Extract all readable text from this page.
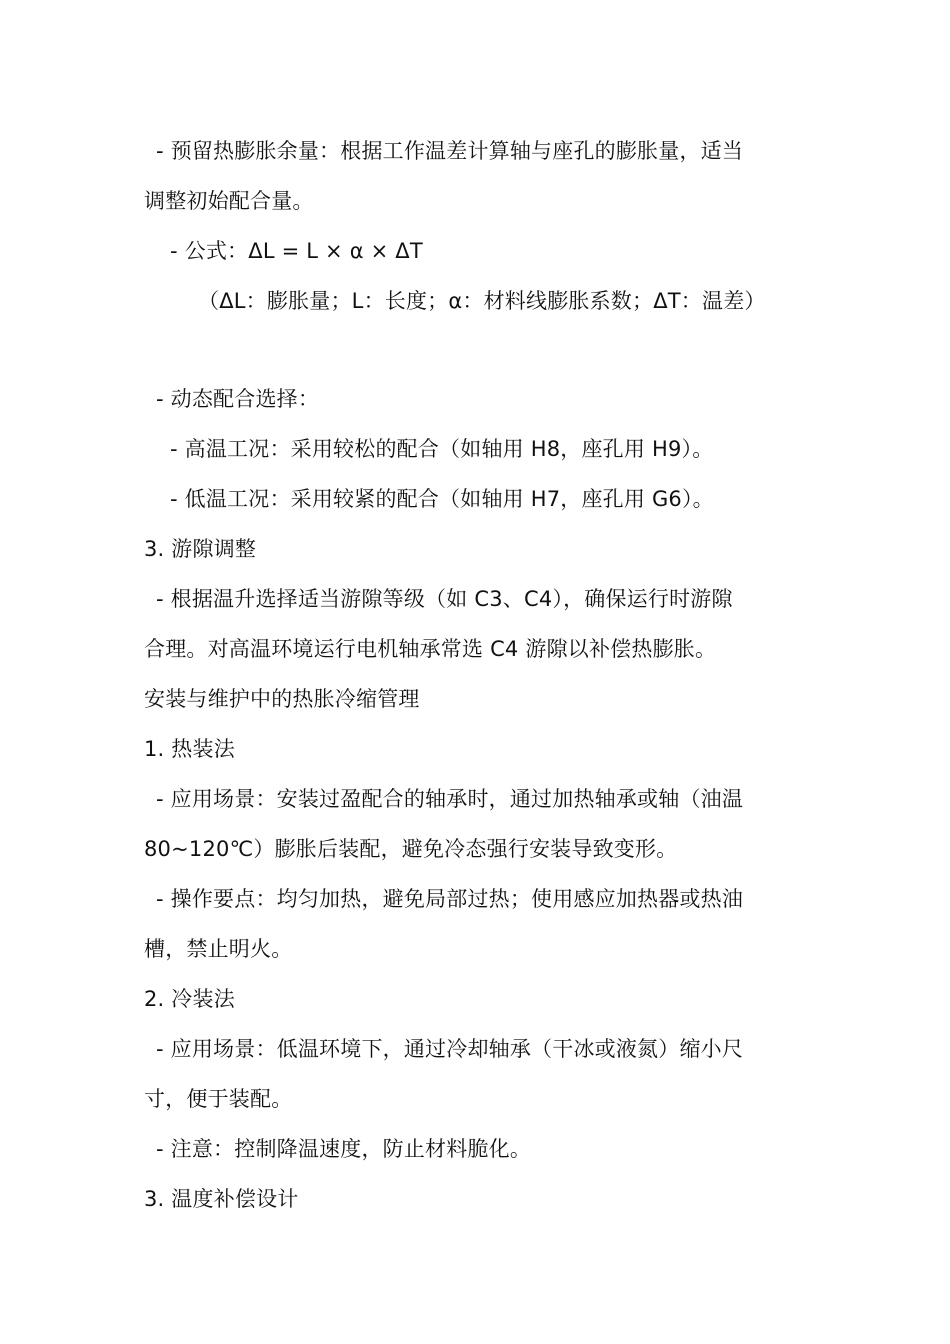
- 预留热膨胀余量：根据工作温差计算轴与座孔的膨胀量，适当
调整初始配合量。
- 公式：ΔL = L × α × ΔT
（ΔL：膨胀量；L：长度；α：材料线膨胀系数；ΔT：温差）
- 动态配合选择：
- 高温工况：采用较松的配合（如轴用 H8，座孔用 H9）。
- 低温工况：采用较紧的配合（如轴用 H7，座孔用 G6）。
3. 游隙调整
- 根据温升选择适当游隙等级（如 C3、C4），确保运行时游隙
合理。对高温环境运行电机轴承常选 C4 游隙以补偿热膨胀。
安装与维护中的热胀冷缩管理
1. 热装法
- 应用场景：安装过盈配合的轴承时，通过加热轴承或轴（油温
80~120℃）膨胀后装配，避免冷态强行安装导致变形。
- 操作要点：均匀加热，避免局部过热；使用感应加热器或热油
槽，禁止明火。
2. 冷装法
- 应用场景：低温环境下，通过冷却轴承（干冰或液氮）缩小尺
寸，便于装配。
- 注意：控制降温速度，防止材料脆化。
3. 温度补偿设计
